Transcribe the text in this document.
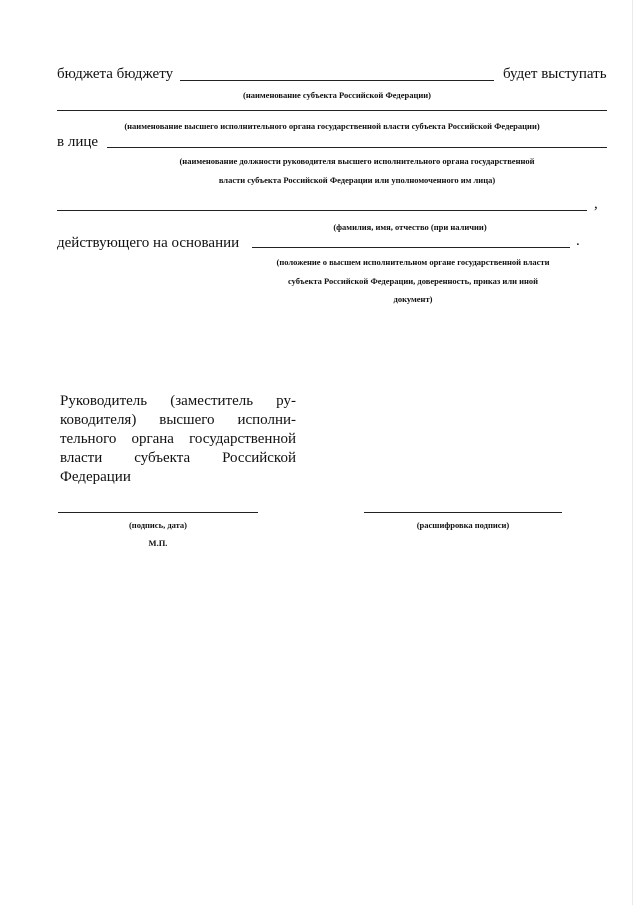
бюджета бюджету	будет выступать
(наименование субъекта Российской Федерации)
(наименование высшего исполнительного органа государственной власти субъекта Российской Федерации)
в лице
(наименование должности руководителя высшего исполнительного органа государственной
власти субъекта Российской Федерации или уполномоченного им лица)
,
(фамилия, имя, отчество (при наличии)
действующего на основании	.
(положение о высшем исполнительном органе государственной власти
субъекта Российской Федерации, доверенность, приказ или иной
документ)
Руководитель (заместитель руководителя) высшего исполнительного органа государственной власти субъекта Российской Федерации
(подпись, дата)	(расшифровка подписи)
М.П.
